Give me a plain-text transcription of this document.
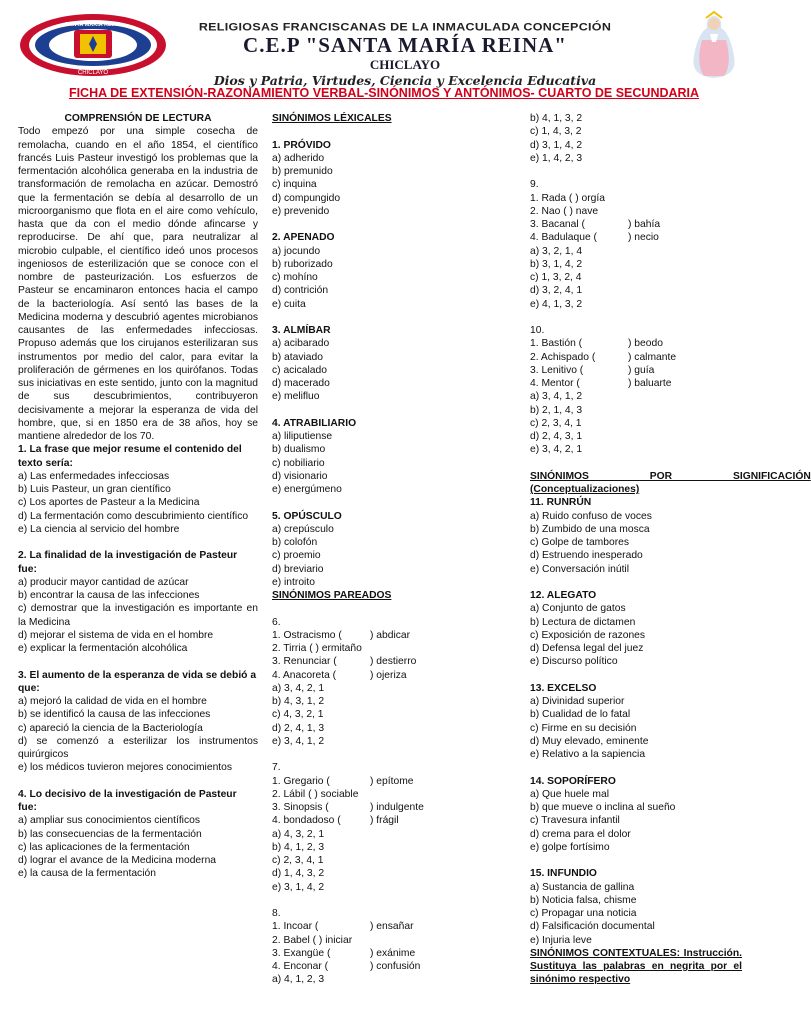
CHICLAYO
SANTA MARÍA REINA	RELIGIOSAS FRANCISCANAS DE LA INMACULADA CONCEPCIÓN
C.E.P "SANTA MARÍA REINA"
CHICLAYO
Dios y Patria, Virtudes, Ciencia y Excelencia Educativa
FICHA DE EXTENSIÓN-RAZONAMIENTO VERBAL-SINÓNIMOS Y ANTÓNIMOS- CUARTO DE SECUNDARIA
COMPRENSIÓN DE LECTURA
Todo empezó por una simple cosecha de remolacha, cuando en el año 1854, el científico francés Luis Pasteur investigó los problemas que la fermentación alcohólica generaba en la industria de transformación de remolacha en azúcar. Demostró que la fermentación se debía al desarrollo de un microorganismo que flota en el aire como vehículo, hasta que da con el medio dónde afincarse y reproducirse. De ahí que, para neutralizar al microbio culpable, el científico ideó unos procesos ingeniosos de esterilización que se conoce con el nombre de pasteurización. Los esfuerzos de Pasteur se encaminaron entonces hacia el campo de la bacteriología. Así sentó las bases de la Medicina moderna y descubrió agentes microbianos causantes de las enfermedades infecciosas. Propuso además que los cirujanos esterilizaran sus instrumentos por medio del calor, para evitar la proliferación de gérmenes en los quirófanos. Todas sus iniciativas en este sentido, junto con la magnitud de sus descubrimientos, contribuyeron decisivamente a mejorar la esperanza de vida del hombre, que, si en 1850 era de 38 años, hoy se mantiene alrededor de los 70.
1. La frase que mejor resume el contenido del texto sería:
a) Las enfermedades infecciosas
b) Luis Pasteur, un gran científico
c) Los aportes de Pasteur a la Medicina
d) La fermentación como descubrimiento científico
e) La ciencia al servicio del hombre
2. La finalidad de la investigación de Pasteur fue:
a) producir mayor cantidad de azúcar
b) encontrar la causa de las infecciones
c) demostrar que la investigación es importante en la Medicina
d) mejorar el sistema de vida en el hombre
e) explicar la fermentación alcohólica
3. El aumento de la esperanza de vida se debió a que:
a) mejoró la calidad de vida en el hombre
b) se identificó la causa de las infecciones
c) apareció la ciencia de la Bacteriología
d) se comenzó a esterilizar los instrumentos quirúrgicos
e) los médicos tuvieron mejores conocimientos
4. Lo decisivo de la investigación de Pasteur fue:
a) ampliar sus conocimientos científicos
b) las consecuencias de la fermentación
c) las aplicaciones de la fermentación
d) lograr el avance de la Medicina moderna
e) la causa de la fermentación
SINÓNIMOS LÉXICALES
1. PRÓVIDO
a) adherido
b) premunido
c) inquina
d) compungido
e) prevenido
2. APENADO
a) jocundo
b) ruborizado
c) mohíno
d) contrición
e) cuita
3. ALMÍBAR
a) acibarado
b) ataviado
c) acicalado
d) macerado
e) melifluo
4. ATRABILIARIO
a) liliputiense
b) dualismo
c) nobiliario
d) visionario
e) energúmeno
5. OPÚSCULO
a) crepúsculo
b) colofón
c) proemio
d) breviario
e) introito
SINÓNIMOS PAREADOS
6.
1. Ostracismo (	) abdicar
2. Tirria ( ) ermitaño
3. Renunciar (	) destierro
4. Anacoreta (	) ojeriza
a) 3, 4, 2, 1
b) 4, 3, 1, 2
c) 4, 3, 2, 1
d) 2, 4, 1, 3
e) 3, 4, 1, 2
7.
1. Gregario (	) epítome
2. Lábil ( ) sociable
3. Sinopsis (	) indulgente
4. bondadoso (	) frágil
a) 4, 3, 2, 1
b) 4, 1, 2, 3
c) 2, 3, 4, 1
d) 1, 4, 3, 2
e) 3, 1, 4, 2
8.
1. Incoar (	) ensañar
2. Babel ( ) iniciar
3. Exangüe (	) exánime
4. Enconar (	) confusión
a) 4, 1, 2, 3
b) 4, 1, 3, 2
c) 1, 4, 3, 2
d) 3, 1, 4, 2
e) 1, 4, 2, 3
9.
1. Rada ( ) orgía
2. Nao ( ) nave
3. Bacanal (	) bahía
4. Badulaque (	) necio
a) 3, 2, 1, 4
b) 3, 1, 4, 2
c) 1, 3, 2, 4
d) 3, 2, 4, 1
e) 4, 1, 3, 2
10.
1. Bastión (	) beodo
2. Achispado (	) calmante
3. Lenitivo (	) guía
4. Mentor (	) baluarte
a) 3, 4, 1, 2
b) 2, 1, 4, 3
c) 2, 3, 4, 1
d) 2, 4, 3, 1
e) 3, 4, 2, 1
SINÓNIMOS POR SIGNIFICACIÓN
(Conceptualizaciones)
11. RUNRÚN
a) Ruido confuso de voces
b) Zumbido de una mosca
c) Golpe de tambores
d) Estruendo inesperado
e) Conversación inútil
12. ALEGATO
a) Conjunto de gatos
b) Lectura de dictamen
c) Exposición de razones
d) Defensa legal del juez
e) Discurso político
13. EXCELSO
a) Divinidad superior
b) Cualidad de lo fatal
c) Firme en su decisión
d) Muy elevado, eminente
e) Relativo a la sapiencia
14. SOPORÍFERO
a) Que huele mal
b) que mueve o inclina al sueño
c) Travesura infantil
d) crema para el dolor
e) golpe fortísimo
15. INFUNDIO
a) Sustancia de gallina
b) Noticia falsa, chisme
c) Propagar una noticia
d) Falsificación documental
e) Injuria leve
SINÓNIMOS CONTEXTUALES: Instrucción. Sustituya las palabras en negrita por el sinónimo respectivo
